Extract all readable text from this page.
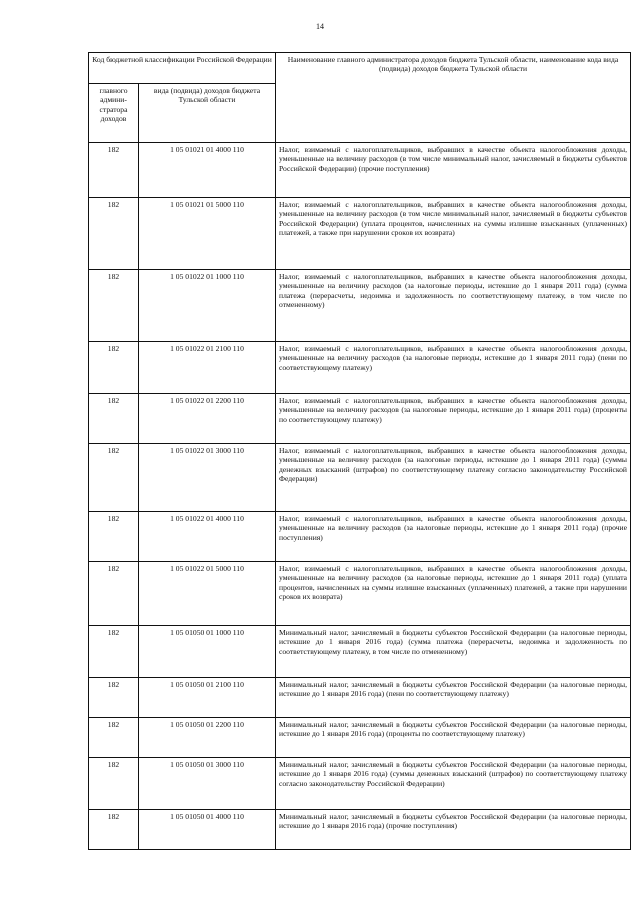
14
Код бюджетной классификации Российской Федерации		Наименование главного администратора доходов бюджета Тульской области, наименование кода вида (подвида) доходов бюджета Тульской области
главного админи-стратора доходов	вида (подвида) доходов бюджета Тульской области	
182	1 05 01021 01 4000 110	Налог, взимаемый с налогоплательщиков, выбравших в качестве объекта налогообложения доходы, уменьшенные на величину расходов (в том числе минимальный налог, зачисляемый в бюджеты субъектов Российской Федерации) (прочие поступления)
182	1 05 01021 01 5000 110	Налог, взимаемый с налогоплательщиков, выбравших в качестве объекта налогообложения доходы, уменьшенные на величину расходов (в том числе минимальный налог, зачисляемый в бюджеты субъектов Российской Федерации) (уплата процентов, начисленных на суммы излишне взысканных (уплаченных) платежей, а также при нарушении сроков их возврата)
182	1 05 01022 01 1000 110	Налог, взимаемый с налогоплательщиков, выбравших в качестве объекта налогообложения доходы, уменьшенные на величину расходов (за налоговые периоды, истекшие до 1 января 2011 года) (сумма платежа (перерасчеты, недоимка и задолженность по соответствующему платежу, в том числе по отмененному)
182	1 05 01022 01 2100 110	Налог, взимаемый с налогоплательщиков, выбравших в качестве объекта налогообложения доходы, уменьшенные на величину расходов (за налоговые периоды, истекшие до 1 января 2011 года) (пени по соответствующему платежу)
182	1 05 01022 01 2200 110	Налог, взимаемый с налогоплательщиков, выбравших в качестве объекта налогообложения доходы, уменьшенные на величину расходов (за налоговые периоды, истекшие до 1 января 2011 года) (проценты по соответствующему платежу)
182	1 05 01022 01 3000 110	Налог, взимаемый с налогоплательщиков, выбравших в качестве объекта налогообложения доходы, уменьшенные на величину расходов (за налоговые периоды, истекшие до 1 января 2011 года) (суммы денежных взысканий (штрафов) по соответствующему платежу согласно законодательству Российской Федерации)
182	1 05 01022 01 4000 110	Налог, взимаемый с налогоплательщиков, выбравших в качестве объекта налогообложения доходы, уменьшенные на величину расходов (за налоговые периоды, истекшие до 1 января 2011 года) (прочие поступления)
182	1 05 01022 01 5000 110	Налог, взимаемый с налогоплательщиков, выбравших в качестве объекта налогообложения доходы, уменьшенные на величину расходов (за налоговые периоды, истекшие до 1 января 2011 года) (уплата процентов, начисленных на суммы излишне взысканных (уплаченных) платежей, а также при нарушении сроков их возврата)
182	1 05 01050 01 1000 110	Минимальный налог, зачисляемый в бюджеты субъектов Российской Федерации (за налоговые периоды, истекшие до 1 января 2016 года) (сумма платежа (перерасчеты, недоимка и задолженность по соответствующему платежу, в том числе по отмененному)
182	1 05 01050 01 2100 110	Минимальный налог, зачисляемый в бюджеты субъектов Российской Федерации (за налоговые периоды, истекшие до 1 января 2016 года) (пени по соответствующему платежу)
182	1 05 01050 01 2200 110	Минимальный налог, зачисляемый в бюджеты субъектов Российской Федерации (за налоговые периоды, истекшие до 1 января 2016 года) (проценты по соответствующему платежу)
182	1 05 01050 01 3000 110	Минимальный налог, зачисляемый в бюджеты субъектов Российской Федерации (за налоговые периоды, истекшие до 1 января 2016 года) (суммы денежных взысканий (штрафов) по соответствующему платежу согласно законодательству Российской Федерации)
182	1 05 01050 01 4000 110	Минимальный налог, зачисляемый в бюджеты субъектов Российской Федерации (за налоговые периоды, истекшие до 1 января 2016 года) (прочие поступления)
